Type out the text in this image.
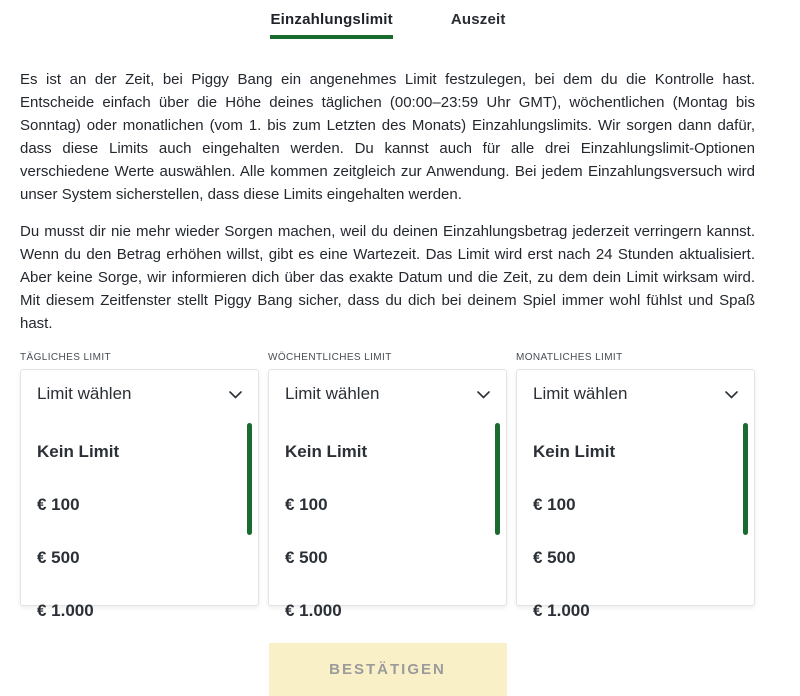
Einzahlungslimit	Auszeit

Es ist an der Zeit, bei Piggy Bang ein angenehmes Limit festzulegen, bei dem du die Kontrolle hast. Entscheide einfach über die Höhe deines täglichen (00:00–23:59 Uhr GMT), wöchentlichen (Montag bis Sonntag) oder monatlichen (vom 1. bis zum Letzten des Monats) Einzahlungslimits. Wir sorgen dann dafür, dass diese Limits auch eingehalten werden. Du kannst auch für alle drei Einzahlungslimit-Optionen verschiedene Werte auswählen. Alle kommen zeitgleich zur Anwendung. Bei jedem Einzahlungsversuch wird unser System sicherstellen, dass diese Limits eingehalten werden.

Du musst dir nie mehr wieder Sorgen machen, weil du deinen Einzahlungsbetrag jederzeit verringern kannst. Wenn du den Betrag erhöhen willst, gibt es eine Wartezeit. Das Limit wird erst nach 24 Stunden aktualisiert. Aber keine Sorge, wir informieren dich über das exakte Datum und die Zeit, zu dem dein Limit wirksam wird. Mit diesem Zeitfenster stellt Piggy Bang sicher, dass du dich bei deinem Spiel immer wohl fühlst und Spaß hast.

TÄGLICHES LIMIT
Limit wählen
Kein Limit
€ 100
€ 500
€ 1.000
WÖCHENTLICHES LIMIT
Limit wählen
Kein Limit
€ 100
€ 500
€ 1.000
MONATLICHES LIMIT
Limit wählen
Kein Limit
€ 100
€ 500
€ 1.000
BESTÄTIGEN
